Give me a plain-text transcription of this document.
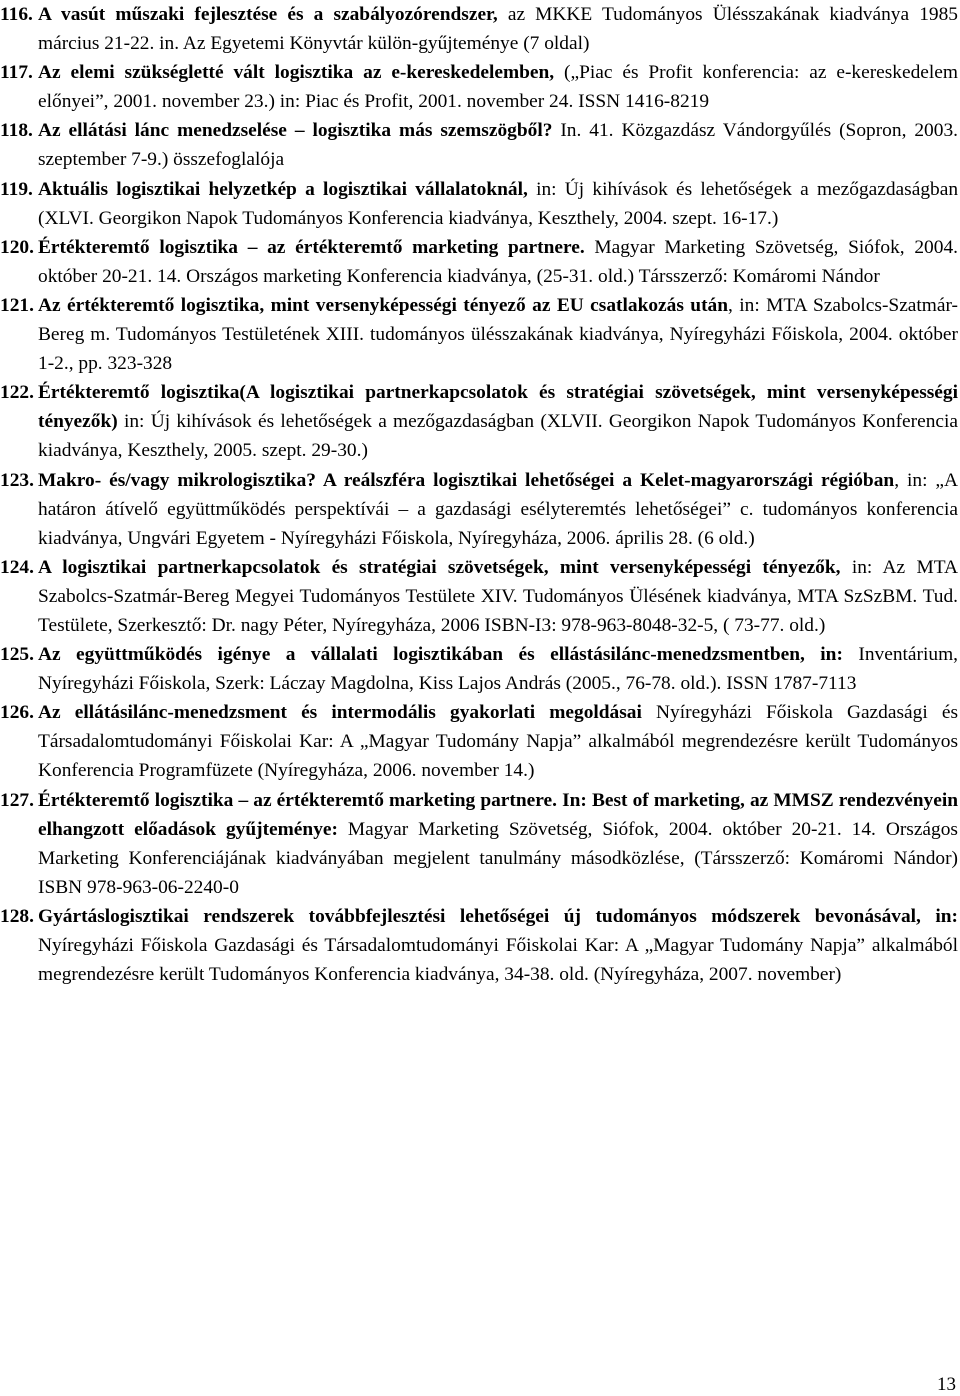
116. A vasút műszaki fejlesztése és a szabályozórendszer, az MKKE Tudományos Ülésszakának kiadványa 1985 március 21-22. in. Az Egyetemi Könyvtár külön-gyűjteménye (7 oldal)
117. Az elemi szükségletté vált logisztika az e-kereskedelemben, („Piac és Profit konferencia: az e-kereskedelem előnyei”, 2001. november 23.) in: Piac és Profit, 2001. november 24. ISSN 1416-8219
118. Az ellátási lánc menedzselése – logisztika más szemszögből? In. 41. Közgazdász Vándorgyűlés (Sopron, 2003. szeptember 7-9.) összefoglalója
119. Aktuális logisztikai helyzetkép a logisztikai vállalatoknál, in: Új kihívások és lehetőségek a mezőgazdaságban (XLVI. Georgikon Napok Tudományos Konferencia kiadványa, Keszthely, 2004. szept. 16-17.)
120. Értékteremtő logisztika – az értékteremtő marketing partnere. Magyar Marketing Szövetség, Siófok, 2004. október 20-21. 14. Országos marketing Konferencia kiadványa, (25-31. old.) Társszerző: Komáromi Nándor
121. Az értékteremtő logisztika, mint versenyképességi tényező az EU csatlakozás után, in: MTA Szabolcs-Szatmár-Bereg m. Tudományos Testületének XIII. tudományos ülésszakának kiadványa, Nyíregyházi Főiskola, 2004. október 1-2., pp. 323-328
122. Értékteremtő logisztika(A logisztikai partnerkapcsolatok és stratégiai szövetségek, mint versenyképességi tényezők) in: Új kihívások és lehetőségek a mezőgazdaságban (XLVII. Georgikon Napok Tudományos Konferencia kiadványa, Keszthely, 2005. szept. 29-30.)
123. Makro- és/vagy mikrologisztika? A reálszféra logisztikai lehetőségei a Kelet-magyarországi régióban, in: „A határon átívelő együttműködés perspektívái – a gazdasági esélyteremtés lehetőségei” c. tudományos konferencia kiadványa, Ungvári Egyetem - Nyíregyházi Főiskola, Nyíregyháza, 2006. április 28. (6 old.)
124. A logisztikai partnerkapcsolatok és stratégiai szövetségek, mint versenyképességi tényezők, in: Az MTA Szabolcs-Szatmár-Bereg Megyei Tudományos Testülete XIV. Tudományos Ülésének kiadványa, MTA SzSzBM. Tud. Testülete, Szerkesztő: Dr. nagy Péter, Nyíregyháza, 2006 ISBN-I3: 978-963-8048-32-5, ( 73-77. old.)
125. Az együttműködés igénye a vállalati logisztikában és ellástásilánc-menedzsmentben, in: Inventárium, Nyíregyházi Főiskola, Szerk: Láczay Magdolna, Kiss Lajos András (2005., 76-78. old.). ISSN 1787-7113
126. Az ellátásilánc-menedzsment és intermodális gyakorlati megoldásai Nyíregyházi Főiskola Gazdasági és Társadalomtudományi Főiskolai Kar: A „Magyar Tudomány Napja” alkalmából megrendezésre került Tudományos Konferencia Programfüzete (Nyíregyháza, 2006. november 14.)
127. Értékteremtő logisztika – az értékteremtő marketing partnere. In: Best of marketing, az MMSZ rendezvényein elhangzott előadások gyűjteménye: Magyar Marketing Szövetség, Siófok, 2004. október 20-21. 14. Országos Marketing Konferenciájának kiadványában megjelent tanulmány másodközlése, (Társszerző: Komáromi Nándor) ISBN 978-963-06-2240-0
128. Gyártáslogisztikai rendszerek továbbfejlesztési lehetőségei új tudományos módszerek bevonásával, in: Nyíregyházi Főiskola Gazdasági és Társadalomtudományi Főiskolai Kar: A „Magyar Tudomány Napja” alkalmából megrendezésre került Tudományos Konferencia kiadványa, 34-38. old. (Nyíregyháza, 2007. november)
13
